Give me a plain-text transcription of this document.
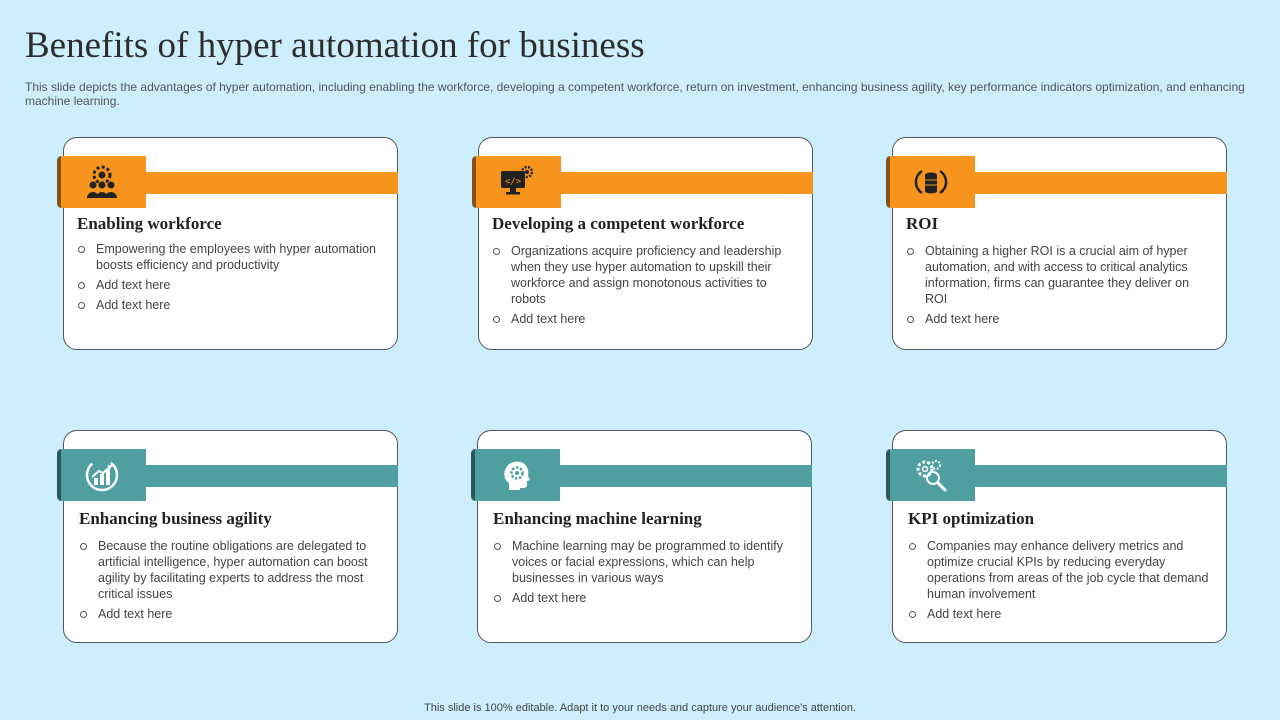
Benefits of hyper automation for business

This slide depicts the advantages of hyper automation, including enabling the workforce, developing a competent workforce, return on investment, enhancing business agility, key performance indicators optimization, and enhancing machine learning.

Enabling workforce
Empowering the employees with hyper automation boosts efficiency and productivity
Add text here
Add text here
</>
Developing a competent workforce
Organizations acquire proficiency and leadership when they use hyper automation to upskill their workforce and assign monotonous activities to robots
Add text here
ROI
Obtaining a higher ROI is a crucial aim of hyper automation, and with access to critical analytics information, firms can guarantee they deliver on ROI
Add text here
Enhancing business agility
Because the routine obligations are delegated to artificial intelligence, hyper automation can boost agility by facilitating experts to address the most critical issues
Add text here
Enhancing machine learning
Machine learning may be programmed to identify voices or facial expressions, which can help businesses in various ways
Add text here
KPI optimization
Companies may enhance delivery metrics and optimize crucial KPIs by reducing everyday operations from areas of the job cycle that demand human involvement
Add text here
This slide is 100% editable. Adapt it to your needs and capture your audience's attention.
